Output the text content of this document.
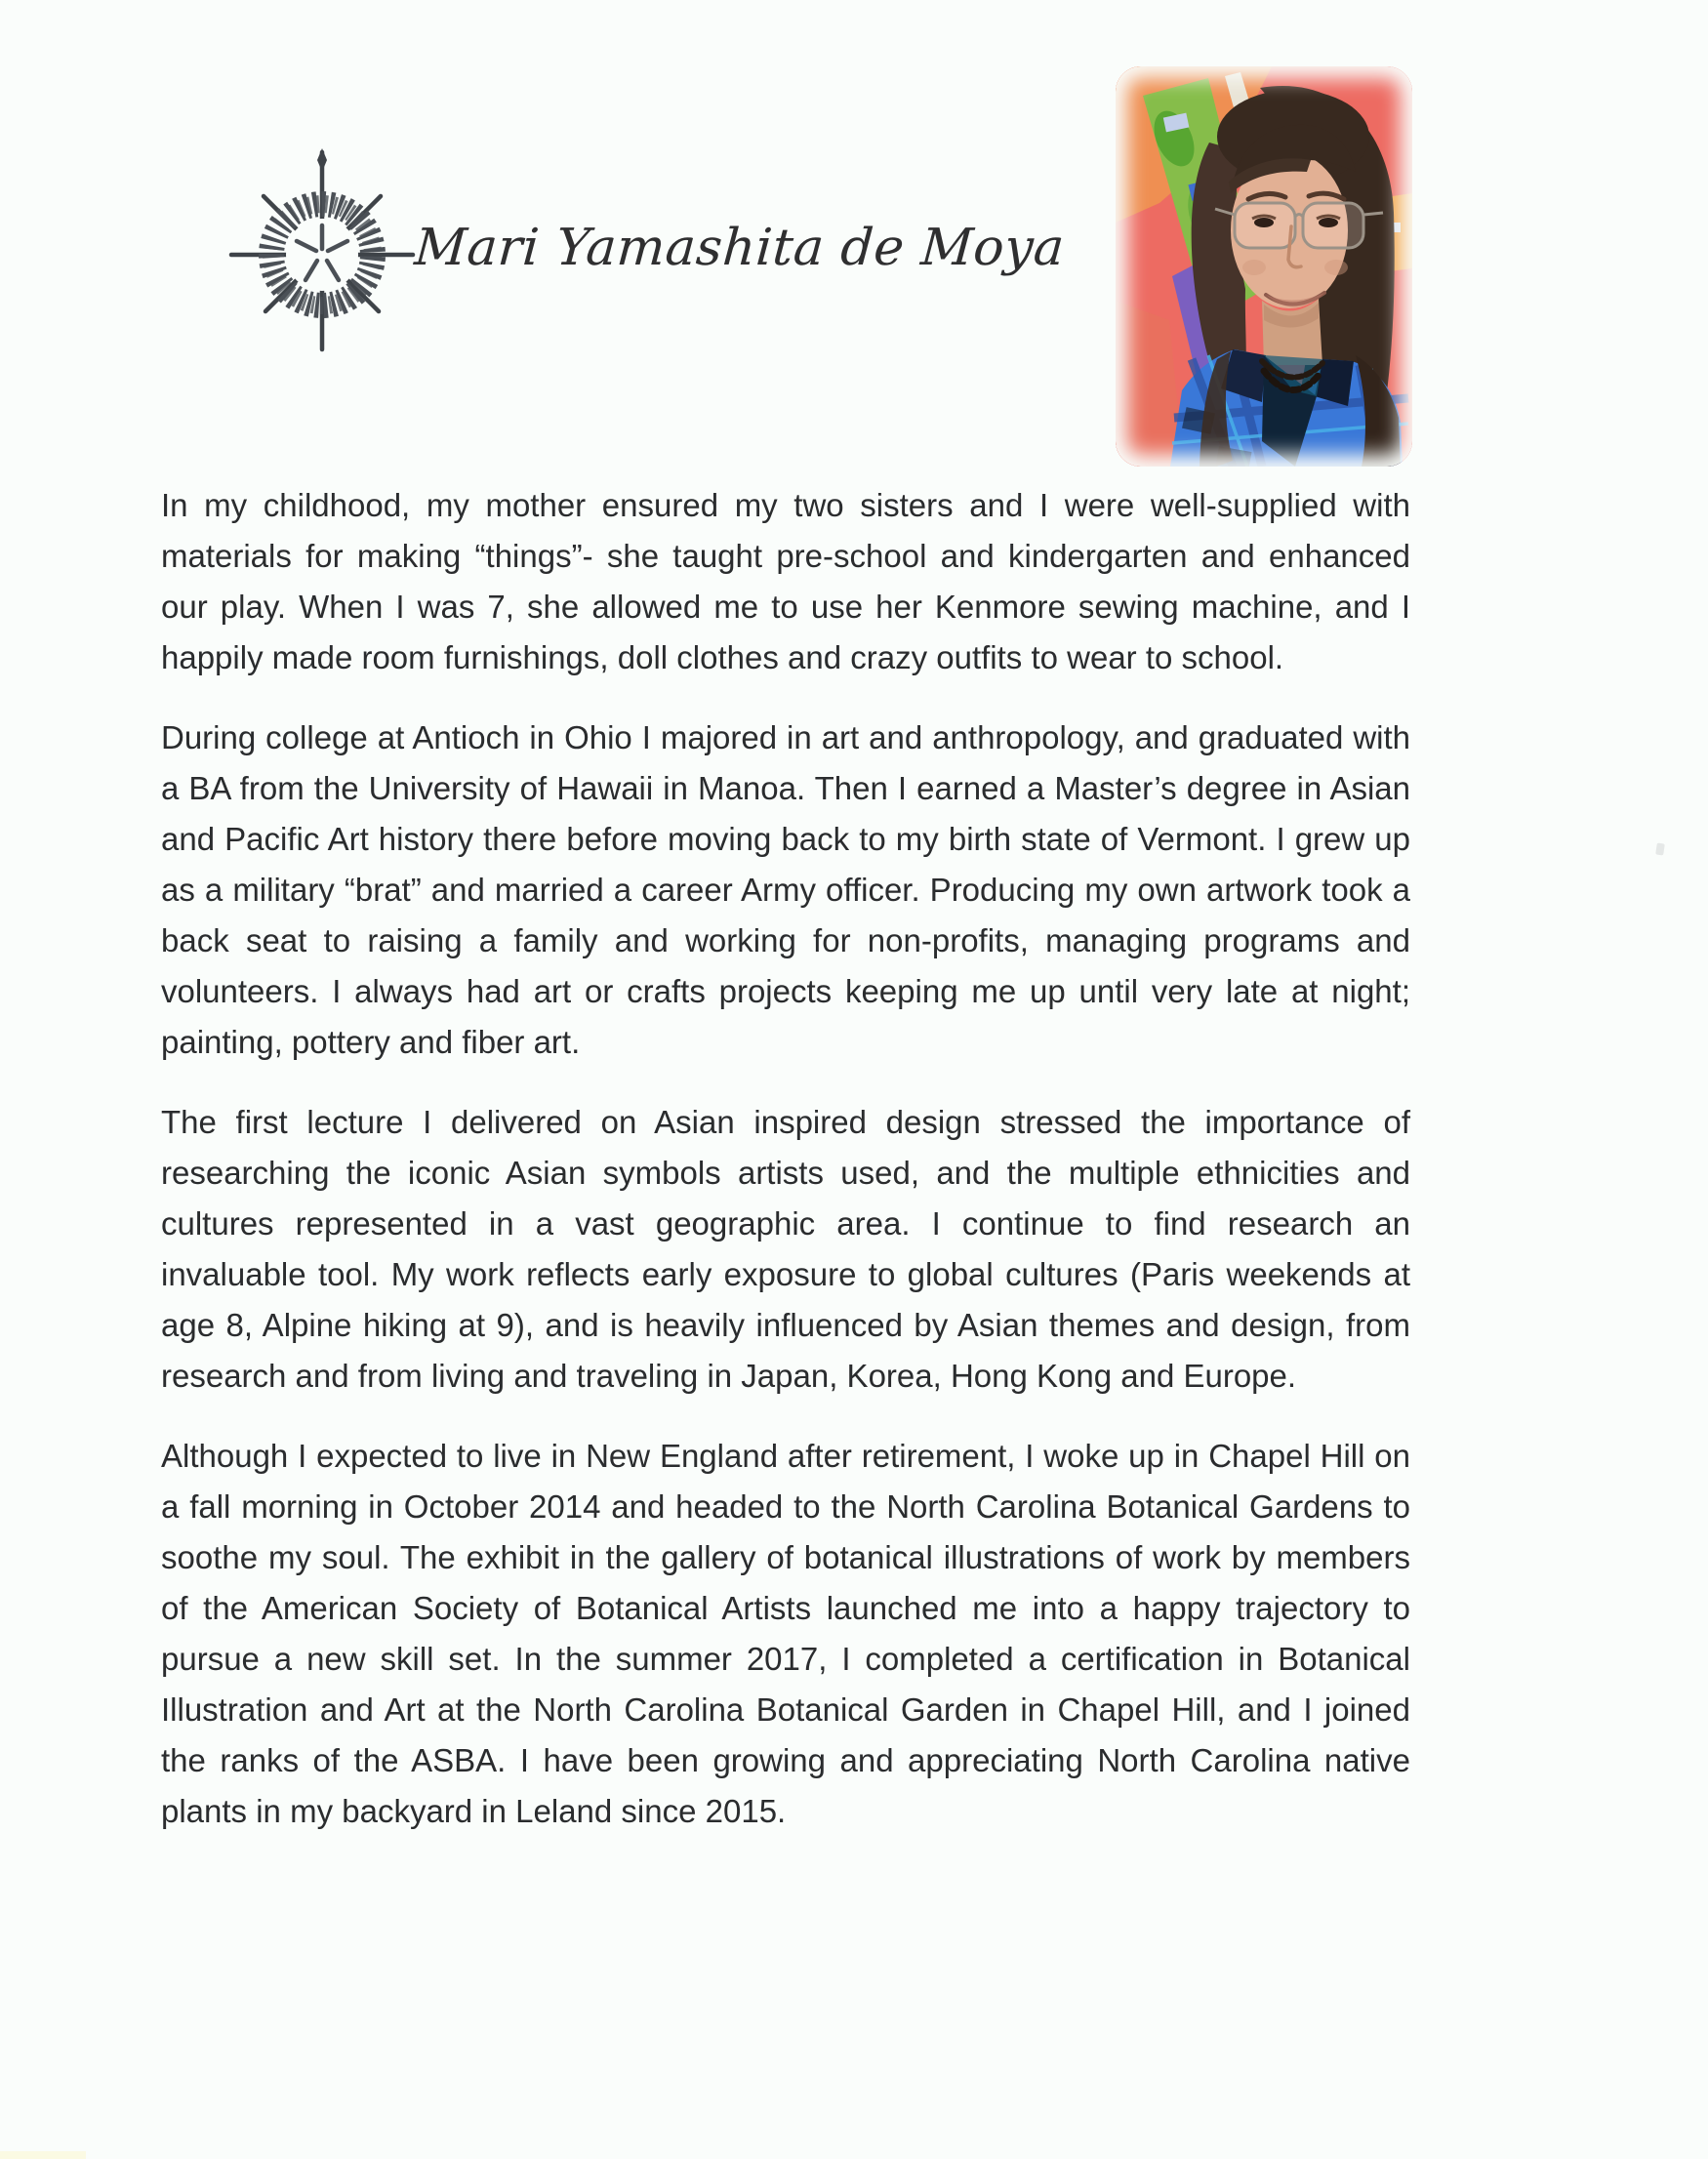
Mari Yamashita de Moya

In my childhood, my mother ensured my two sisters and I were well-supplied with materials for making “things”- she taught pre-school and kindergarten and enhanced our play. When I was 7, she allowed me to use her Kenmore sewing machine, and I happily made room furnishings, doll clothes and crazy outfits to wear to school.

During college at Antioch in Ohio I majored in art and anthropology, and graduated with a BA from the University of Hawaii in Manoa. Then I earned a Master’s degree in Asian and Pacific Art history there before moving back to my birth state of Vermont. I grew up as a military “brat” and married a career Army officer. Producing my own artwork took a back seat to raising a family and working for non-profits, managing programs and volunteers. I always had art or crafts projects keeping me up until very late at night; painting, pottery and fiber art.

The first lecture I delivered on Asian inspired design stressed the importance of researching the iconic Asian symbols artists used, and the multiple ethnicities and cultures represented in a vast geographic area. I continue to find research an invaluable tool. My work reflects early exposure to global cultures (Paris weekends at age 8, Alpine hiking at 9), and is heavily influenced by Asian themes and design, from research and from living and traveling in Japan, Korea, Hong Kong and Europe.

Although I expected to live in New England after retirement, I woke up in Chapel Hill on a fall morning in October 2014 and headed to the North Carolina Botanical Gardens to soothe my soul. The exhibit in the gallery of botanical illustrations of work by members of the American Society of Botanical Artists launched me into a happy trajectory to pursue a new skill set. In the summer 2017, I completed a certification in Botanical Illustration and Art at the North Carolina Botanical Garden in Chapel Hill, and I joined the ranks of the ASBA. I have been growing and appreciating North Carolina native plants in my backyard in Leland since 2015.
